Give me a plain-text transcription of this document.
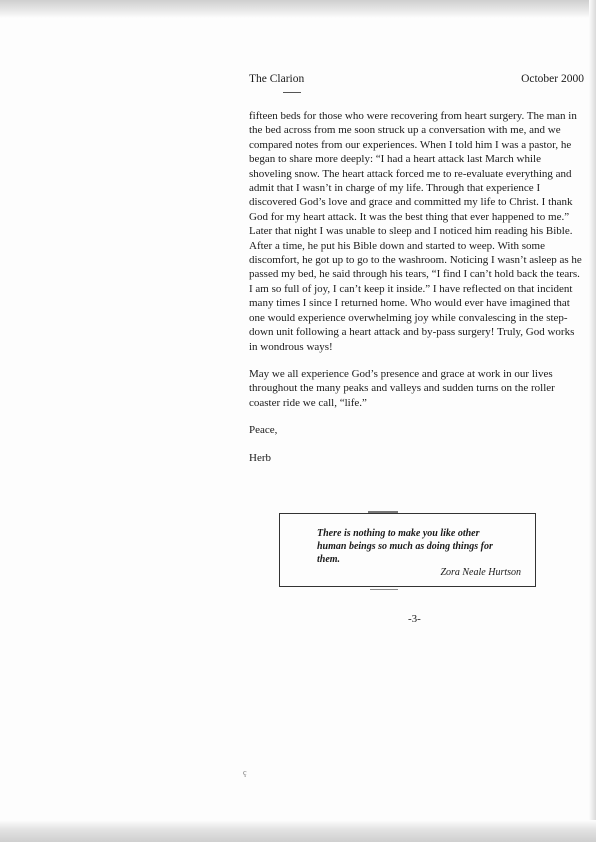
The Clarion	October 2000

fifteen beds for those who were recovering from heart surgery. The man in the bed across from me soon struck up a conversation with me, and we compared notes from our experiences. When I told him I was a pastor, he began to share more deeply: “I had a heart attack last March while shoveling snow. The heart attack forced me to re-evaluate everything and admit that I wasn’t in charge of my life. Through that experience I discovered God’s love and grace and committed my life to Christ. I thank God for my heart attack. It was the best thing that ever happened to me.” Later that night I was unable to sleep and I noticed him reading his Bible. After a time, he put his Bible down and started to weep. With some discomfort, he got up to go to the washroom. Noticing I wasn’t asleep as he passed my bed, he said through his tears, “I find I can’t hold back the tears. I am so full of joy, I can’t keep it inside.” I have reflected on that incident many times I since I returned home. Who would ever have imagined that one would experience overwhelming joy while convalescing in the step-down unit following a heart attack and by-pass surgery! Truly, God works in wondrous ways!

May we all experience God’s presence and grace at work in our lives throughout the many peaks and valleys and sudden turns on the roller coaster ride we call, “life.”

Peace,

Herb

There is nothing to make you like other human beings so much as doing things for them.
Zora Neale Hurtson
-3-
ç
